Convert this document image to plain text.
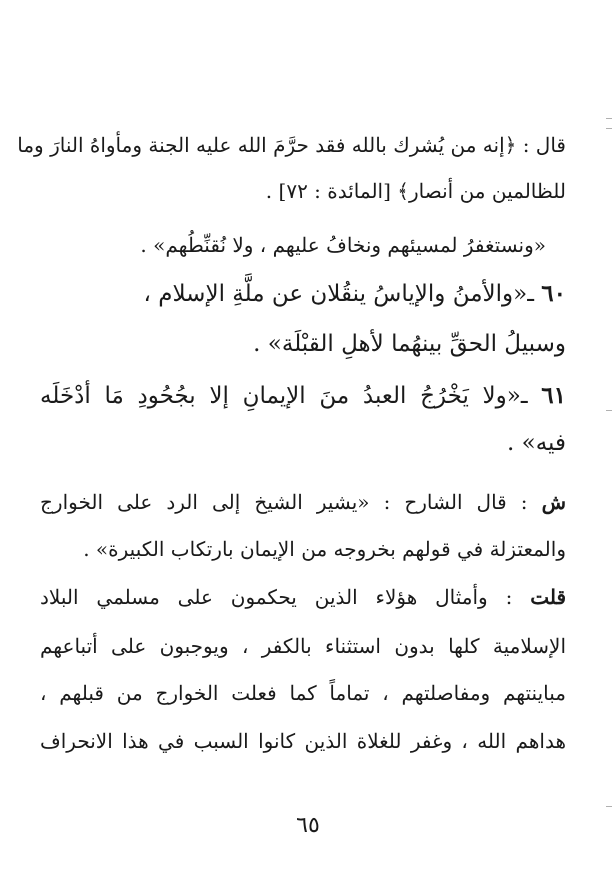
قال : ﴿إنه من يُشرك بالله فقد حرَّمَ الله عليه الجنة ومأواهُ النارَ وما
للظالمين من أنصار﴾ [المائدة : ٧٢] .
«ونستغفرُ لمسيئهم ونخافُ عليهم ، ولا نُقنِّطُهم» .
٦٠ ـ«والأمنُ والإياسُ ينقُلان عن ملَّةِ الإسلام ،
وسبيلُ الحقِّ بينهُما لأهلِ القبْلَة» .
٦١ ـ«ولا يَخْرُجُ العبدُ منَ الإيمانِ إلا بجُحُودِ مَا أدْخَلَه
فيه» .
ش : قال الشارح : «يشير الشيخ إلى الرد على الخوارج
والمعتزلة في قولهم بخروجه من الإيمان بارتكاب الكبيرة» .
قلت : وأمثال هؤلاء الذين يحكمون على مسلمي البلاد
الإسلامية كلها بدون استثناء بالكفر ، ويوجبون على أتباعهم
مباينتهم ومفاصلتهم ، تماماً كما فعلت الخوارج من قبلهم ،
هداهم الله ، وغفر للغلاة الذين كانوا السبب في هذا الانحراف
٦٥
